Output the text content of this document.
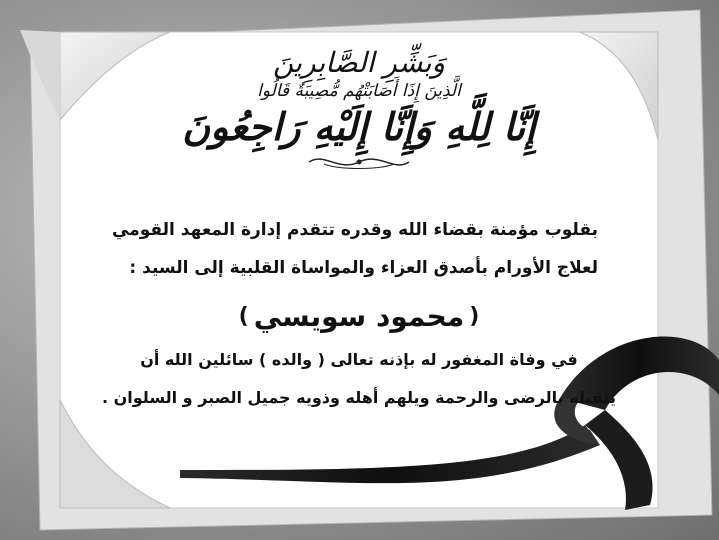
وَبَشِّرِ الصَّابِرِينَ
الَّذِينَ إِذَا أَصَابَتْهُم مُّصِيبَةٌ قَالُوا
إِنَّا لِلَّهِ وَإِنَّا إِلَيْهِ رَاجِعُونَ
بقلوب مؤمنة بقضاء الله وقدره تتقدم إدارة المعهد القومي
لعلاج الأورام بأصدق العزاء والمواساة القلبية إلى السيد :
( محمود سويسي )
في وفاة المغفور له بإذنه تعالى ( والده ) سائلين الله أن
يتقبله بالرضى والرحمة ويلهم أهله وذويه جميل الصبر و السلوان .
